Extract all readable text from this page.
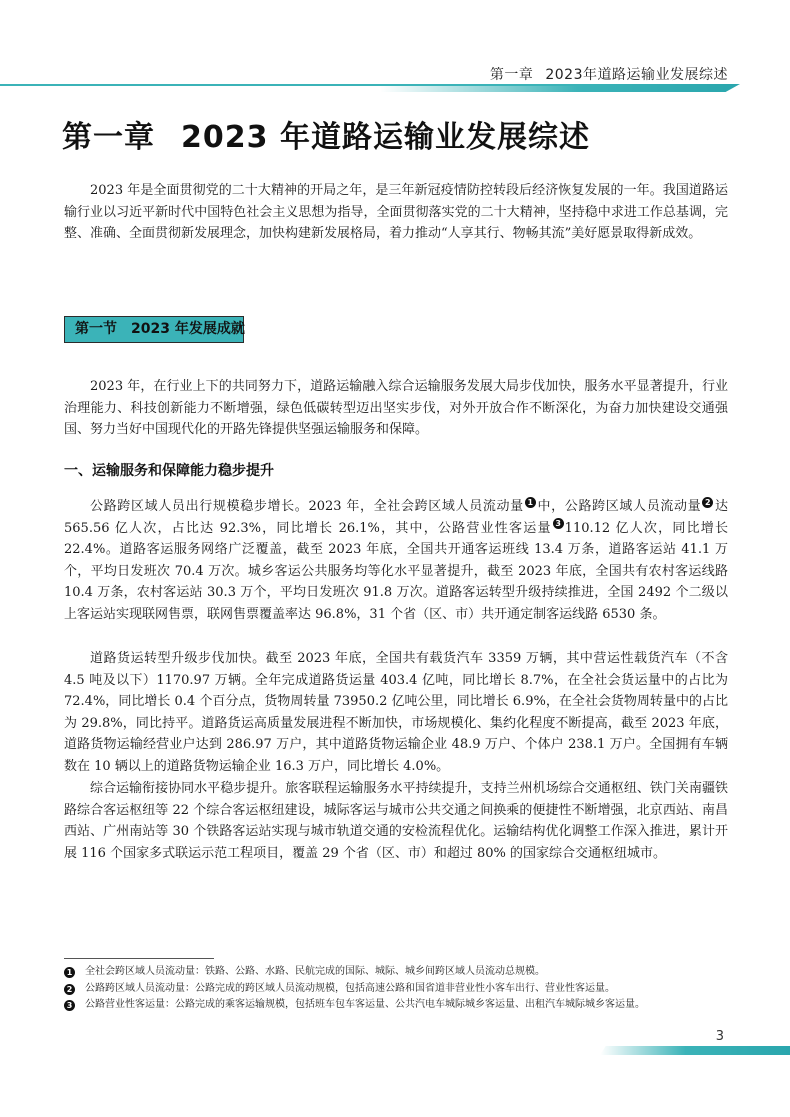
第一章 2023年道路运输业发展综述
第一章 2023 年道路运输业发展综述

2023 年是全面贯彻党的二十大精神的开局之年，是三年新冠疫情防控转段后经济恢复发展的一年。我国道路运输行业以习近平新时代中国特色社会主义思想为指导，全面贯彻落实党的二十大精神，坚持稳中求进工作总基调，完整、准确、全面贯彻新发展理念，加快构建新发展格局，着力推动“人享其行、物畅其流”美好愿景取得新成效。

第一节 2023 年发展成就

2023 年，在行业上下的共同努力下，道路运输融入综合运输服务发展大局步伐加快，服务水平显著提升，行业治理能力、科技创新能力不断增强，绿色低碳转型迈出坚实步伐，对外开放合作不断深化，为奋力加快建设交通强国、努力当好中国现代化的开路先锋提供坚强运输服务和保障。

一、运输服务和保障能力稳步提升

公路跨区域人员出行规模稳步增长。2023 年，全社会跨区域人员流动量 1 中，公路跨区域人员流动量 2 达 565.56 亿人次，占比达 92.3%，同比增长 26.1%，其中，公路营业性客运量 3 110.12 亿人次，同比增长 22.4%。道路客运服务网络广泛覆盖，截至 2023 年底，全国共开通客运班线 13.4 万条，道路客运站 41.1 万个，平均日发班次 70.4 万次。城乡客运公共服务均等化水平显著提升，截至 2023 年底，全国共有农村客运线路 10.4 万条，农村客运站 30.3 万个，平均日发班次 91.8 万次。道路客运转型升级持续推进，全国 2492 个二级以上客运站实现联网售票，联网售票覆盖率达 96.8%，31 个省（区、市）共开通定制客运线路 6530 条。

道路货运转型升级步伐加快。截至 2023 年底，全国共有载货汽车 3359 万辆，其中营运性载货汽车（不含 4.5 吨及以下）1170.97 万辆。全年完成道路货运量 403.4 亿吨，同比增长 8.7%，在全社会货运量中的占比为 72.4%，同比增长 0.4 个百分点，货物周转量 73950.2 亿吨公里，同比增长 6.9%，在全社会货物周转量中的占比为 29.8%，同比持平。道路货运高质量发展进程不断加快，市场规模化、集约化程度不断提高，截至 2023 年底，道路货物运输经营业户达到 286.97 万户，其中道路货物运输企业 48.9 万户、个体户 238.1 万户。全国拥有车辆数在 10 辆以上的道路货物运输企业 16.3 万户，同比增长 4.0%。

综合运输衔接协同水平稳步提升。旅客联程运输服务水平持续提升，支持兰州机场综合交通枢纽、铁门关南疆铁路综合客运枢纽等 22 个综合客运枢纽建设，城际客运与城市公共交通之间换乘的便捷性不断增强，北京西站、南昌西站、广州南站等 30 个铁路客运站实现与城市轨道交通的安检流程优化。运输结构优化调整工作深入推进，累计开展 116 个国家多式联运示范工程项目，覆盖 29 个省（区、市）和超过 80% 的国家综合交通枢纽城市。

1 全社会跨区域人员流动量：铁路、公路、水路、民航完成的国际、城际、城乡间跨区域人员流动总规模。
2 公路跨区域人员流动量：公路完成的跨区域人员流动规模，包括高速公路和国省道非营业性小客车出行、营业性客运量。
3 公路营业性客运量：公路完成的乘客运输规模，包括班车包车客运量、公共汽电车城际城乡客运量、出租汽车城际城乡客运量。
3
